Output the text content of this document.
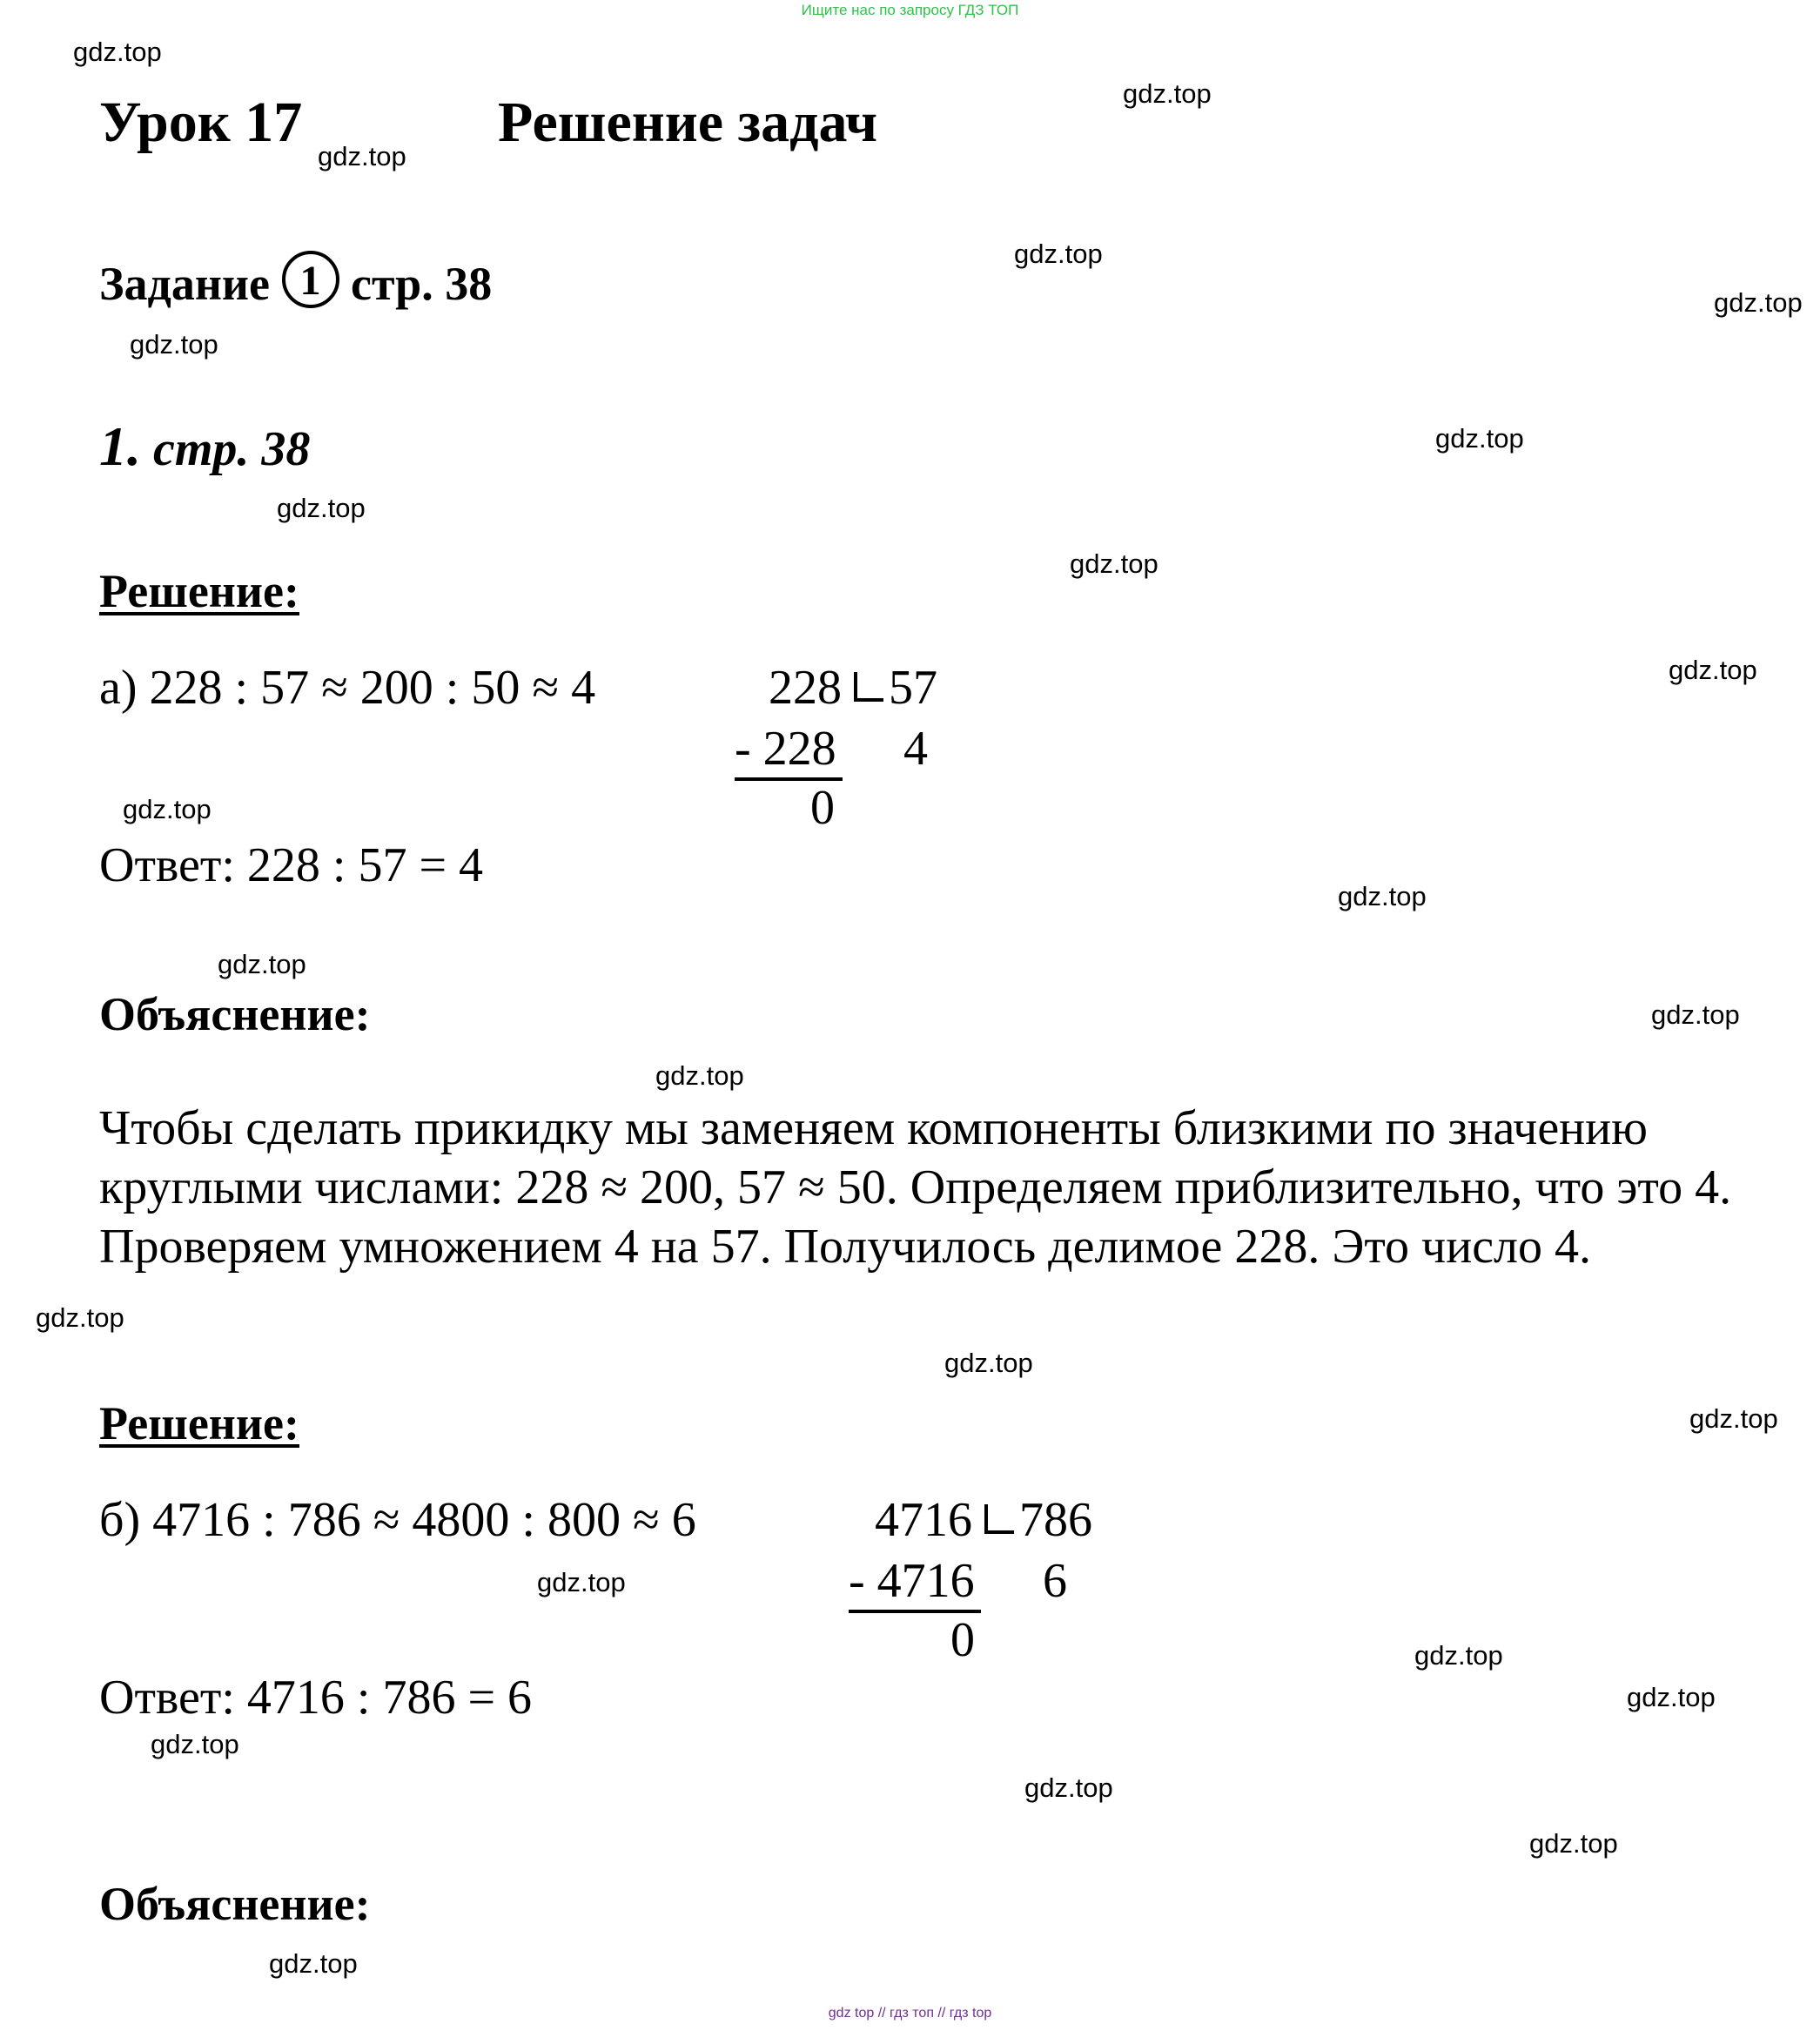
Ищите нас по запросу ГДЗ ТОП
gdz top // гдз топ // гдз top
Урок 17	Решение задач
Задание 1 стр. 38
1. стр. 38
Решение:
а) 228 : 57 ≈ 200 : 50 ≈ 4	228 57
- 228 4
0
Ответ: 228 : 57 = 4
Объяснение:
Чтобы сделать прикидку мы заменяем компоненты близкими по значению круглыми числами: 228 ≈ 200, 57 ≈ 50. Определяем приблизительно, что это 4. Проверяем умножением 4 на 57. Получилось делимое 228. Это число 4.
Решение:
б) 4716 : 786 ≈ 4800 : 800 ≈ 6	4716 786
- 4716 6
0
Ответ: 4716 : 786 = 6
Объяснение:
gdz.top
gdz.top
gdz.top
gdz.top
gdz.top
gdz.top
gdz.top
gdz.top
gdz.top
gdz.top
gdz.top
gdz.top
gdz.top
gdz.top
gdz.top
gdz.top
gdz.top
gdz.top
gdz.top
gdz.top
gdz.top
gdz.top
gdz.top
gdz.top
gdz.top
